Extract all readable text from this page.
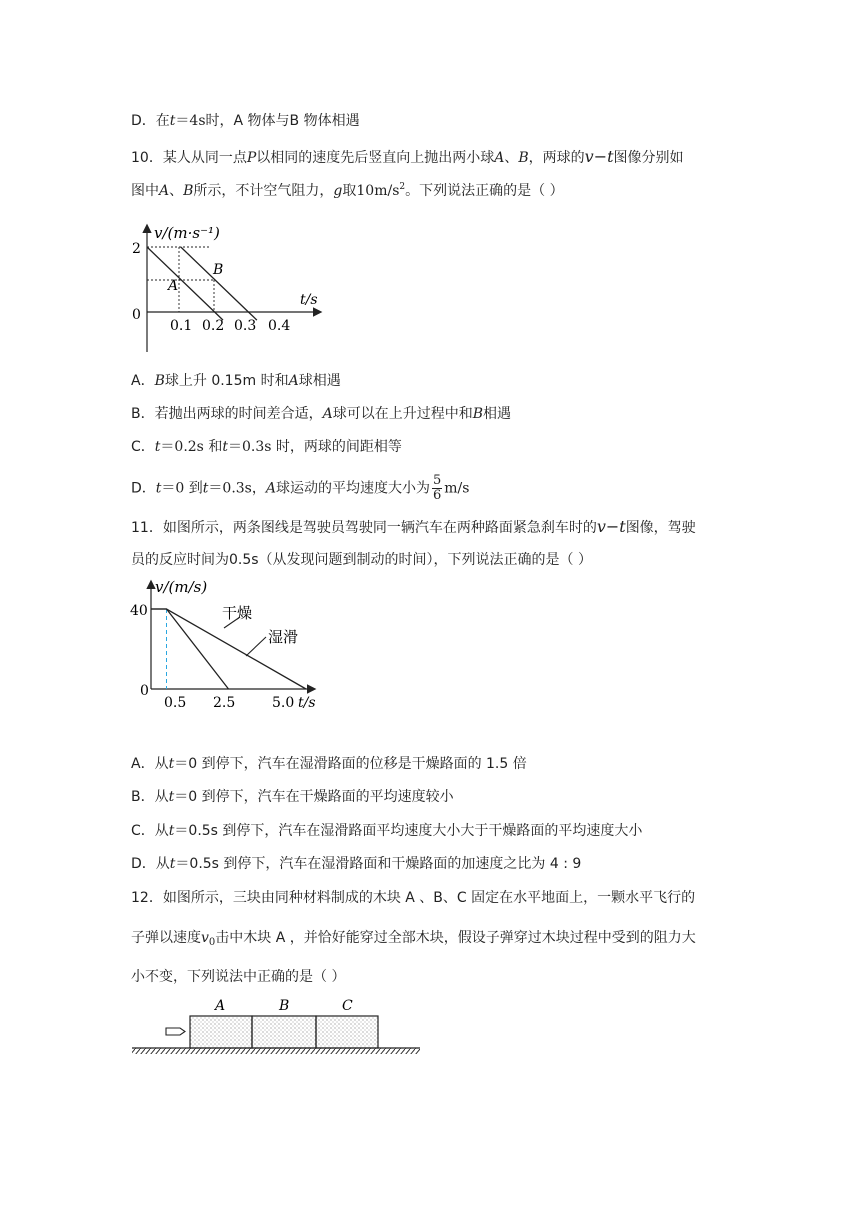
D．在t＝4s时，A 物体与B 物体相遇
10．某人从同一点P以相同的速度先后竖直向上抛出两小球A、B，两球的v−t图像分别如
图中A、B所示，不计空气阻力，g取$10m/s^2$。下列说法正确的是（ ）
v/(m·s⁻¹)
t/s
2
0
0.1 0.2 0.3 0.4
A
B
A．B球上升 0.15m 时和A球相遇
B．若抛出两球的时间差合适，A球可以在上升过程中和B相遇
C．t＝0.2s 和t＝0.3s 时，两球的间距相等
D．t＝0 到t＝0.3s，A球运动的平均速度大小为 $\frac{5}{6} m/s$
11．如图所示，两条图线是驾驶员驾驶同一辆汽车在两种路面紧急刹车时的v−t图像，驾驶
员的反应时间为0.5s（从发现问题到制动的时间），下列说法正确的是（ ）
v/(m/s)
t/s
40
0
0.5 2.5	5.0
干燥
湿滑
A．从t＝0 到停下，汽车在湿滑路面的位移是干燥路面的 1.5 倍
B．从t＝0 到停下，汽车在干燥路面的平均速度较小
C．从t＝0.5s 到停下，汽车在湿滑路面平均速度大小大于干燥路面的平均速度大小
D．从t＝0.5s 到停下，汽车在湿滑路面和干燥路面的加速度之比为 4 : 9
12．如图所示，三块由同种材料制成的木块 A 、B、C 固定在水平地面上，一颗水平飞行的
子弹以速度$v_0$击中木块 A ，并恰好能穿过全部木块，假设子弹穿过木块过程中受到的阻力大
小不变，下列说法中正确的是（ ）
A	B	C
